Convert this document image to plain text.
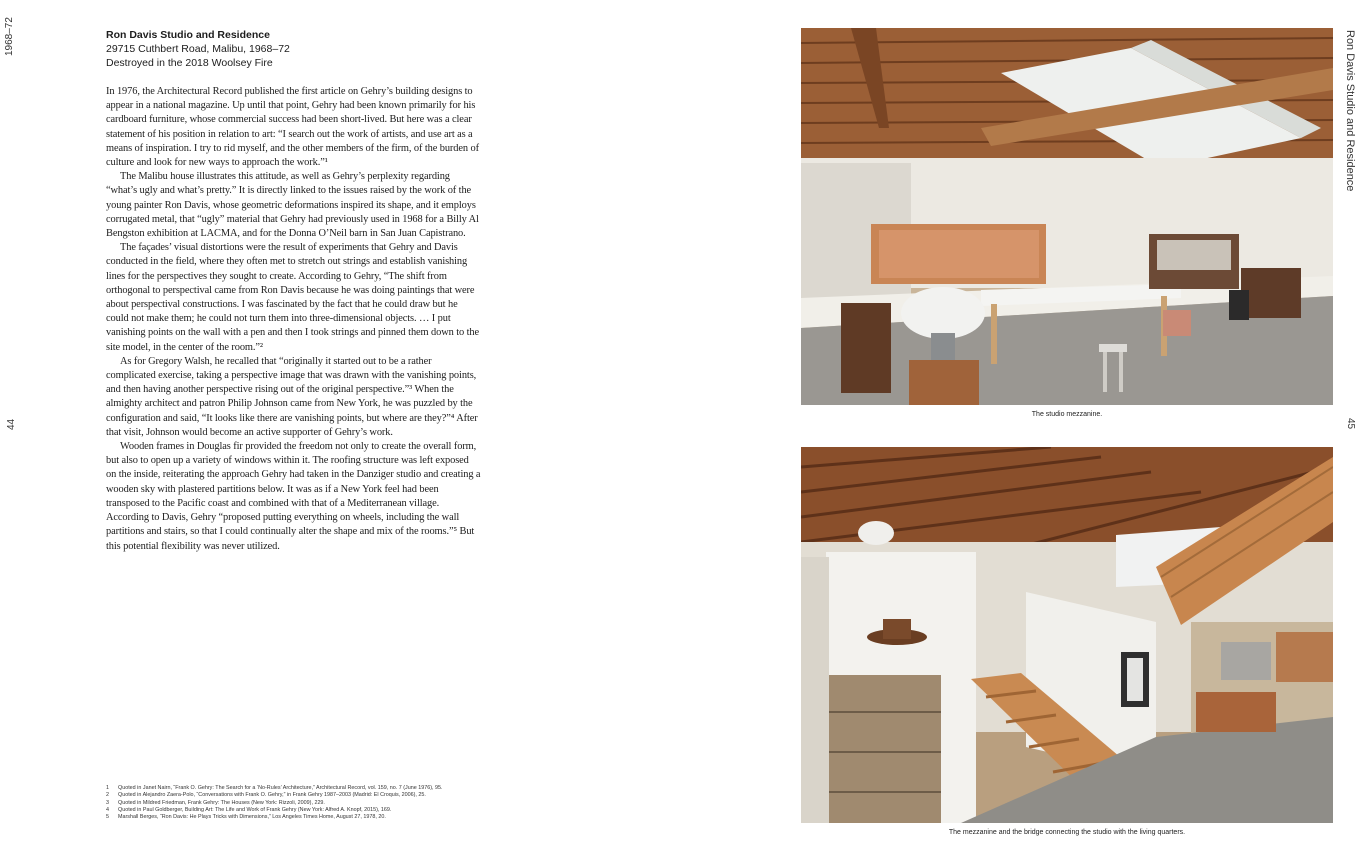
1968–72
44
Ron Davis Studio and Residence
45
Ron Davis Studio and Residence
29715 Cuthbert Road, Malibu, 1968–72
Destroyed in the 2018 Woolsey Fire

In 1976, the Architectural Record published the first article on Gehry’s building designs to appear in a national magazine. Up until that point, Gehry had been known primarily for his cardboard furniture, whose commercial success had been short-lived. But here was a clear statement of his position in relation to art: “I search out the work of artists, and use art as a means of inspiration. I try to rid myself, and the other members of the firm, of the burden of culture and look for new ways to approach the work.”¹

The Malibu house illustrates this attitude, as well as Gehry’s perplexity regarding “what’s ugly and what’s pretty.” It is directly linked to the issues raised by the work of the young painter Ron Davis, whose geometric deformations inspired its shape, and it employs corrugated metal, that “ugly” material that Gehry had previously used in 1968 for a Billy Al Bengston exhibition at LACMA, and for the Donna O’Neil barn in San Juan Capistrano.

The façades’ visual distortions were the result of experiments that Gehry and Davis conducted in the field, where they often met to stretch out strings and establish vanishing lines for the perspectives they sought to create. According to Gehry, “The shift from orthogonal to perspectival came from Ron Davis because he was doing paintings that were about perspectival constructions. I was fascinated by the fact that he could draw but he could not make them; he could not turn them into three-dimensional objects. … I put vanishing points on the wall with a pen and then I took strings and pinned them down to the site model, in the center of the room.”²

As for Gregory Walsh, he recalled that “originally it started out to be a rather complicated exercise, taking a perspective image that was drawn with the vanishing points, and then having another perspective rising out of the original perspective.”³ When the almighty architect and patron Philip Johnson came from New York, he was puzzled by the configuration and said, “It looks like there are vanishing points, but where are they?”⁴ After that visit, Johnson would become an active supporter of Gehry’s work.

Wooden frames in Douglas fir provided the freedom not only to create the overall form, but also to open up a variety of windows within it. The roofing structure was left exposed on the inside, reiterating the approach Gehry had taken in the Danziger studio and creating a wooden sky with plastered partitions below. It was as if a New York feel had been transposed to the Pacific coast and combined with that of a Mediterranean village. According to Davis, Gehry “proposed putting everything on wheels, including the wall partitions and stairs, so that I could continually alter the shape and mix of the rooms.”⁵ But this potential flexibility was never utilized.

1	Quoted in Janet Nairn, “Frank O. Gehry: The Search for a ‘No-Rules’ Architecture,” Architectural Record, vol. 159, no. 7 (June 1976), 95.
2	Quoted in Alejandro Zaera-Polo, “Conversations with Frank O. Gehry,” in Frank Gehry 1987–2003 (Madrid: El Croquis, 2006), 25.
3	Quoted in Mildred Friedman, Frank Gehry: The Houses (New York: Rizzoli, 2009), 229.
4	Quoted in Paul Goldberger, Building Art: The Life and Work of Frank Gehry (New York: Alfred A. Knopf, 2015), 169.
5	Marshall Berges, “Ron Davis: He Plays Tricks with Dimensions,” Los Angeles Times Home, August 27, 1978, 20.
The studio mezzanine.
The mezzanine and the bridge connecting the studio with the living quarters.
